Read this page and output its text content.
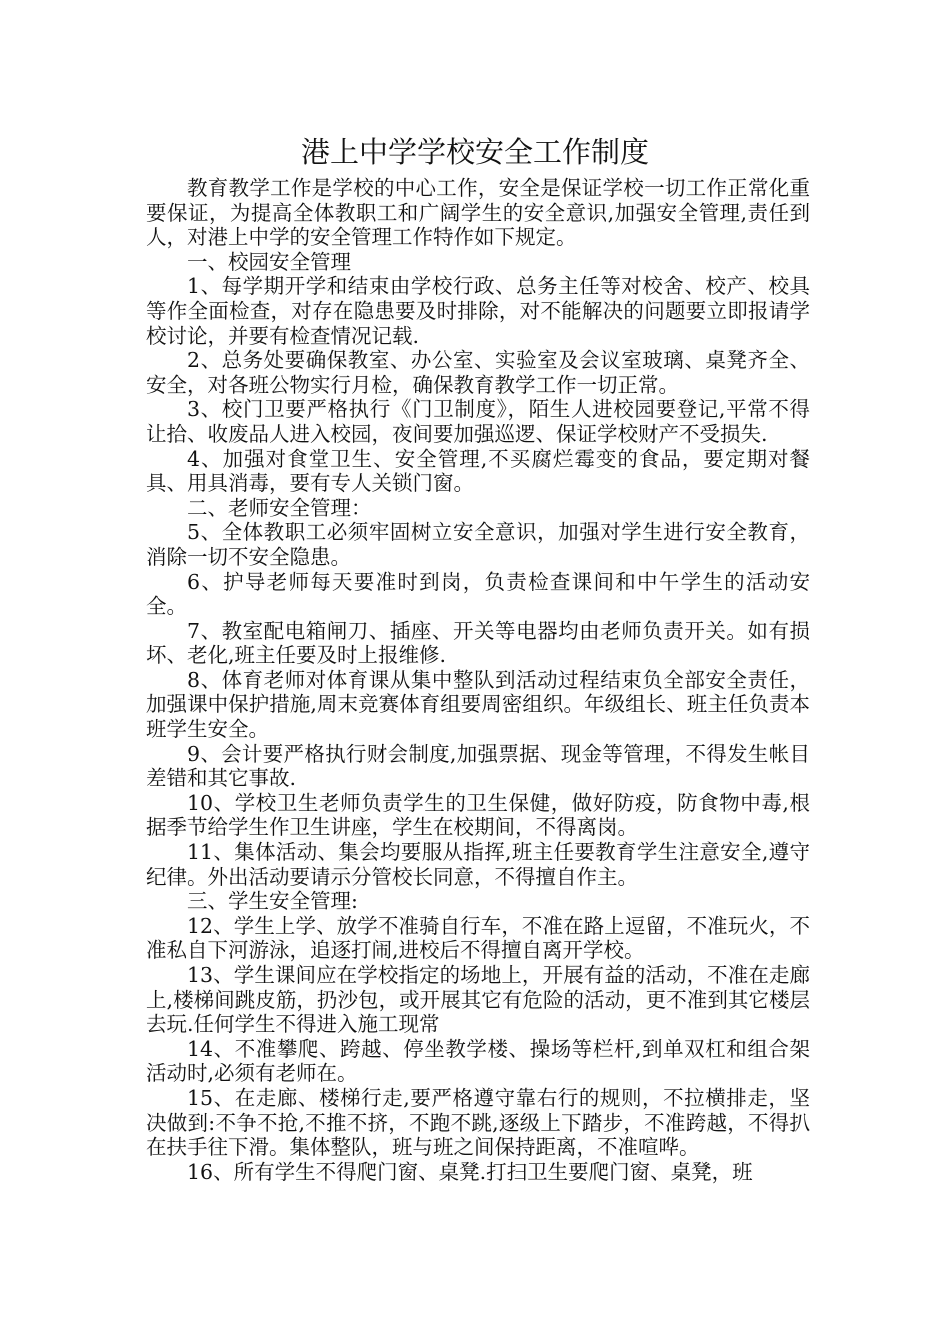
港上中学学校安全工作制度

教育教学工作是学校的中心工作，安全是保证学校一切工作正常化重要保证，为提高全体教职工和广阔学生的安全意识,加强安全管理,责任到人，对港上中学的安全管理工作特作如下规定。

一、校园安全管理

1、每学期开学和结束由学校行政、总务主任等对校舍、校产、校具等作全面检查，对存在隐患要及时排除，对不能解决的问题要立即报请学校讨论，并要有检查情况记载.

2、总务处要确保教室、办公室、实验室及会议室玻璃、桌凳齐全、安全，对各班公物实行月检，确保教育教学工作一切正常。

3、校门卫要严格执行《门卫制度》，陌生人进校园要登记,平常不得让拾、收废品人进入校园，夜间要加强巡逻、保证学校财产不受损失.

4、加强对食堂卫生、安全管理,不买腐烂霉变的食品，要定期对餐具、用具消毒，要有专人关锁门窗。

二、老师安全管理：

5、全体教职工必须牢固树立安全意识，加强对学生进行安全教育，消除一切不安全隐患。

6、护导老师每天要准时到岗，负责检查课间和中午学生的活动安全。

7、教室配电箱闸刀、插座、开关等电器均由老师负责开关。如有损坏、老化,班主任要及时上报维修.

8、体育老师对体育课从集中整队到活动过程结束负全部安全责任，加强课中保护措施,周末竞赛体育组要周密组织。年级组长、班主任负责本班学生安全。

9、会计要严格执行财会制度,加强票据、现金等管理，不得发生帐目差错和其它事故.

10、学校卫生老师负责学生的卫生保健，做好防疫，防食物中毒,根据季节给学生作卫生讲座，学生在校期间，不得离岗。

11、集体活动、集会均要服从指挥,班主任要教育学生注意安全,遵守纪律。外出活动要请示分管校长同意，不得擅自作主。

三、学生安全管理:

12、学生上学、放学不准骑自行车，不准在路上逗留，不准玩火，不准私自下河游泳，追逐打闹,进校后不得擅自离开学校。

13、学生课间应在学校指定的场地上，开展有益的活动，不准在走廊上,楼梯间跳皮筋，扔沙包，或开展其它有危险的活动，更不准到其它楼层去玩.任何学生不得进入施工现常

14、不准攀爬、跨越、停坐教学楼、操场等栏杆,到单双杠和组合架活动时,必须有老师在。

15、在走廊、楼梯行走,要严格遵守靠右行的规则，不拉横排走，坚决做到:不争不抢,不推不挤，不跑不跳,逐级上下踏步，不准跨越，不得扒在扶手往下滑。集体整队，班与班之间保持距离，不准喧哗。

16、所有学生不得爬门窗、桌凳.打扫卫生要爬门窗、桌凳，班
